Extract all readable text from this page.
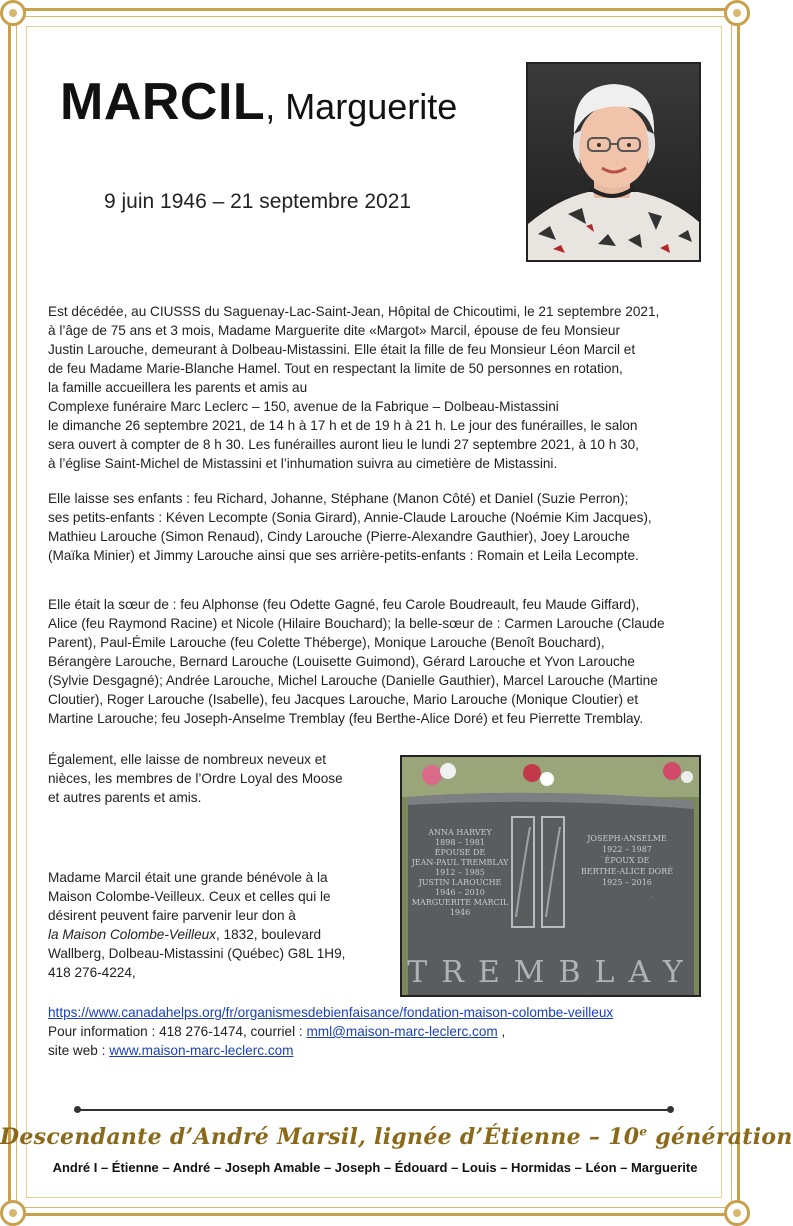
MARCIL, Marguerite
9 juin 1946 – 21 septembre 2021
Est décédée, au CIUSSS du Saguenay-Lac-Saint-Jean, Hôpital de Chicoutimi, le 21 septembre 2021,
à l’âge de 75 ans et 3 mois, Madame Marguerite dite «Margot» Marcil, épouse de feu Monsieur
Justin Larouche, demeurant à Dolbeau-Mistassini. Elle était la fille de feu Monsieur Léon Marcil et
de feu Madame Marie-Blanche Hamel. Tout en respectant la limite de 50 personnes en rotation,
la famille accueillera les parents et amis au
Complexe funéraire Marc Leclerc – 150, avenue de la Fabrique – Dolbeau-Mistassini
le dimanche 26 septembre 2021, de 14 h à 17 h et de 19 h à 21 h. Le jour des funérailles, le salon
sera ouvert à compter de 8 h 30. Les funérailles auront lieu le lundi 27 septembre 2021, à 10 h 30,
à l’église Saint-Michel de Mistassini et l’inhumation suivra au cimetière de Mistassini.
Elle laisse ses enfants : feu Richard, Johanne, Stéphane (Manon Côté) et Daniel (Suzie Perron);
ses petits-enfants : Kéven Lecompte (Sonia Girard), Annie-Claude Larouche (Noémie Kim Jacques),
Mathieu Larouche (Simon Renaud), Cindy Larouche (Pierre-Alexandre Gauthier), Joey Larouche
(Maïka Minier) et Jimmy Larouche ainsi que ses arrière-petits-enfants : Romain et Leila Lecompte.
Elle était la sœur de : feu Alphonse (feu Odette Gagné, feu Carole Boudreault, feu Maude Giffard),
Alice (feu Raymond Racine) et Nicole (Hilaire Bouchard); la belle-sœur de : Carmen Larouche (Claude
Parent), Paul-Émile Larouche (feu Colette Théberge), Monique Larouche (Benoît Bouchard),
Bérangère Larouche, Bernard Larouche (Louisette Guimond), Gérard Larouche et Yvon Larouche
(Sylvie Desgagné); Andrée Larouche, Michel Larouche (Danielle Gauthier), Marcel Larouche (Martine
Cloutier), Roger Larouche (Isabelle), feu Jacques Larouche, Mario Larouche (Monique Cloutier) et
Martine Larouche; feu Joseph-Anselme Tremblay (feu Berthe-Alice Doré) et feu Pierrette Tremblay.
Également, elle laisse de nombreux neveux et
nièces, les membres de l’Ordre Loyal des Moose
et autres parents et amis.
Madame Marcil était une grande bénévole à la
Maison Colombe-Veilleux. Ceux et celles qui le
désirent peuvent faire parvenir leur don à
la Maison Colombe-Veilleux, 1832, boulevard
Wallberg, Dolbeau-Mistassini (Québec) G8L 1H9,
418 276-4224,
ANNA HARVEY
1898 – 1981
ÉPOUSE DE
JEAN-PAUL TREMBLAY
1912 – 1985
JUSTIN LAROUCHE
1946 – 2010
MARGUERITE MARCIL
1946
JOSEPH-ANSELME
1922 – 1987
ÉPOUX DE
BERTHE-ALICE DORÉ
1925 – 2016
TREMBLAY
https://www.canadahelps.org/fr/organismesdebienfaisance/fondation-maison-colombe-veilleux
Pour information : 418 276-1474, courriel : mml@maison-marc-leclerc.com ,
site web : www.maison-marc-leclerc.com
Descendante d’André Marsil, lignée d’Étienne – 10e génération
André I – Étienne – André – Joseph Amable – Joseph – Édouard – Louis – Hormidas – Léon – Marguerite
